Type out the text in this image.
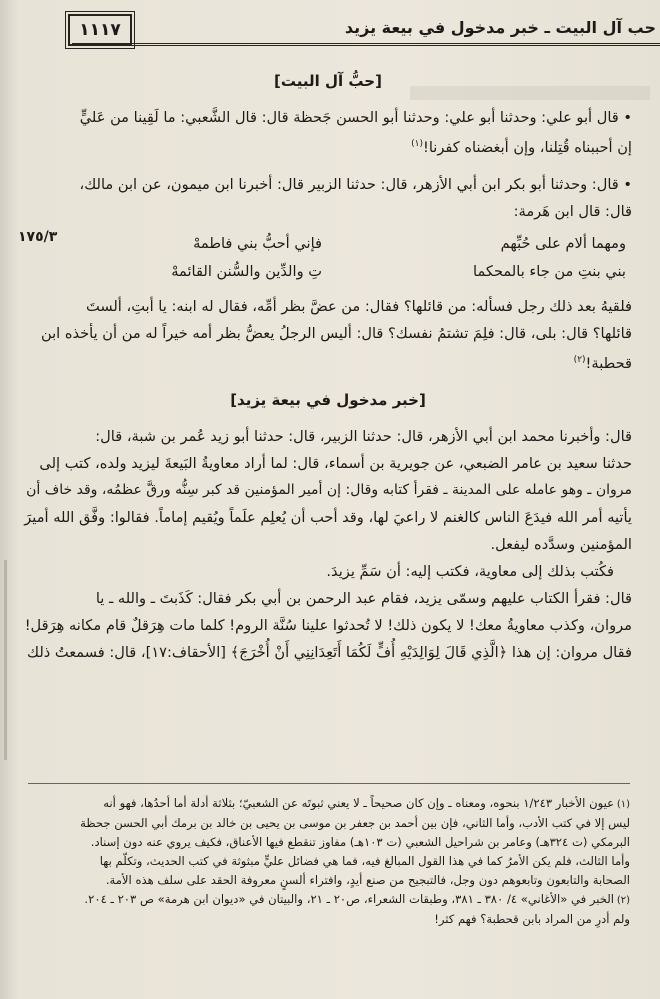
١١١٧	حب آل البيت ـ خبر مدخول في بيعة يزيد
[حبُّ آل البيت]

• قال أبو علي: وحدثنا أبو علي: وحدثنا أبو الحسن جَحظة قال: قال الشَّعبي: ما لَقِينا من عَليٍّ

إن أحببناه قُتِلنا، وإن أبغضناه كفرنا!$^{(١)}$

• قال: وحدثنا أبو بكر ابن أبي الأزهر، قال: حدثنا الزبير قال: أخبرنا ابن ميمون، عن ابن مالك،

قال: قال ابن هَرمة:

ومهما ألام على حُبِّهم
فإني أحبُّ بني فاطمهْ
بني بنتِ من جاء بالمحكما
تِ والدِّين والسُّنن القائمهْ
١٧٥/٣

فلقيهُ بعد ذلك رجل فسأله: من قائلها؟ فقال: من عضَّ بظر أمِّه، فقال له ابنه: يا أبتِ، ألستَ

قائلها؟ قال: بلى، قال: فلِمَ تشتمُ نفسك؟ قال: أليس الرجلُ يعضُّ بظر أمه خيراً له من أن يأخذه ابن

قحطبة!$^{(٢)}$

[خبر مدخول في بيعة يزيد]

قال: وأخبرنا محمد ابن أبي الأزهر، قال: حدثنا الزبير، قال: حدثنا أبو زيد عُمر بن شبة، قال:

حدثنا سعيد بن عامر الضبعي، عن جويرية بن أسماء، قال: لما أراد معاويةُ البَيعةَ ليزيد ولده، كتب إلى

مروان ـ وهو عامله على المدينة ـ فقرأ كتابه وقال: إن أمير المؤمنين قد كبر سِنُّه ورقَّ عظمُه، وقد خاف أن

يأتيه أمر الله فيدَعَ الناس كالغنم لا راعيَ لها، وقد أحب أن يُعلِم علَماً ويُقيم إماماً. فقالوا: وفَّق الله أميرَ

المؤمنين وسدَّده ليفعل.

فكُتب بذلك إلى معاوية، فكتب إليه: أن سَمِّ يزيدَ.

قال: فقرأ الكتاب عليهم وسمّى يزيد، فقام عبد الرحمن بن أبي بكر فقال: كَذَبتَ ـ والله ـ يا

مروان، وكذب معاويةُ معك! لا يكون ذلك! لا تُحدثوا علينا سُنَّة الروم! كلما مات هِرَقلٌ قام مكانه هِرَقل!

فقال مروان: إن هذا ﴿الَّذِي قَالَ لِوَالِدَيْهِ أُفٍّ لَكُمَا أَتَعِدَانِنِي أَنْ أُخْرَجَ﴾ [الأحقاف:١٧]، قال: فسمعتُ ذلك

(١)عيون الأخبار ١/٢٤٣ بنحوه، ومعناه ـ وإن كان صحيحاً ـ لا يعني ثبوتَه عن الشعبيّ؛ بثلاثة أدلة أما أحدُها، فهو أنه

ليس إلا في كتب الأدب، وأما الثاني، فإن بين أحمد بن جعفر بن موسى بن يحيى بن خالد بن برمك أبي الحسن جحظة

البرمكي (ت ٣٢٤هـ) وعامر بن شراحيل الشعبي (ت ١٠٣هـ) مفاوز تنقطع فيها الأعناق، فكيف يروي عنه دون إسناد.

وأما الثالث، فلم يكن الأمرُ كما في هذا القول المبالغ فيه، فما هي فضائل عليٍّ مبثوثة في كتب الحديث، وتكلّم بها

الصحابة والتابعون وتابعوهم دون وجل، فالتبجيح من صنع أيدٍ، وافتراء ألسنٍ معروفة الحقد على سلف هذه الأمة.

(٢)الخبر في «الأغاني» ٤/ ٣٨٠ ـ ٣٨١، وطبقات الشعراء، ص٢٠ ـ ٢١، والبيتان في «ديوان ابن هرمة» ص ٢٠٣ ـ ٢٠٤.

ولم أدرِ من المراد بابن قحطبة؟ فهم كثر!
